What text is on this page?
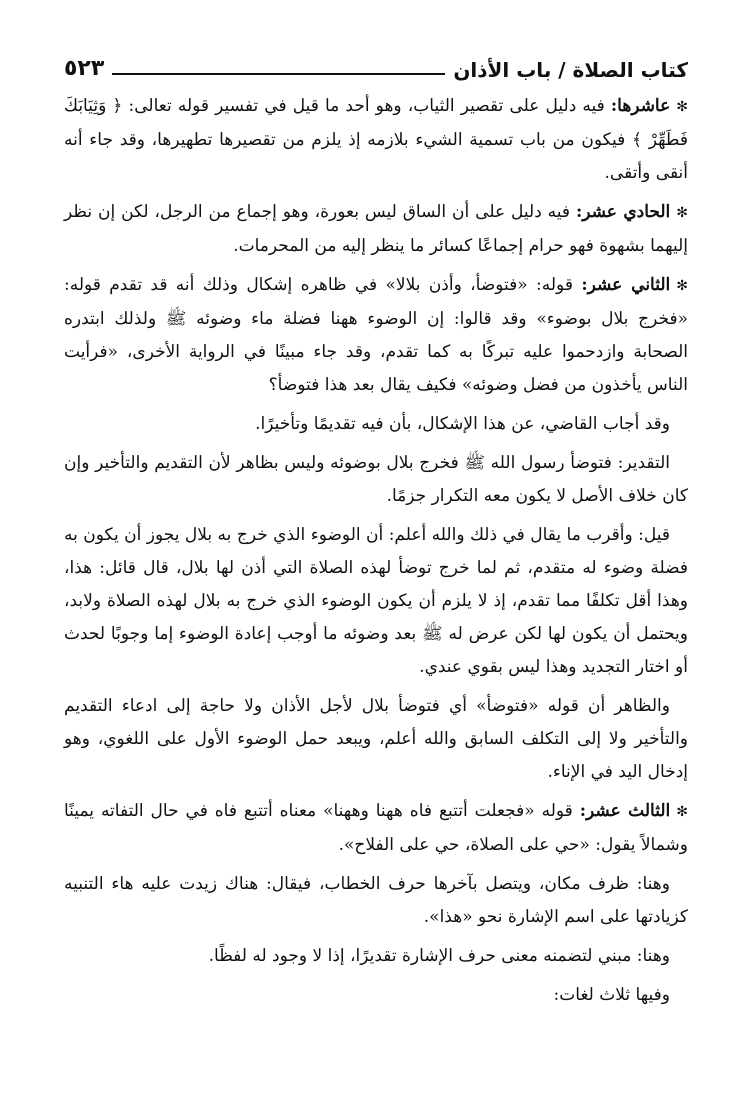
كتاب الصلاة / باب الأذان
٥٢٣

✻عاشرها: فيه دليل على تقصير الثياب، وهو أحد ما قيل في تفسير قوله تعالى: ﴿ وَثِيَابَكَ فَطَهِّرْ ﴾ فيكون من باب تسمية الشيء بلازمه إذ يلزم من تقصيرها تطهيرها، وقد جاء أنه أنقى وأتقى.

✻الحادي عشر: فيه دليل على أن الساق ليس بعورة، وهو إجماع من الرجل، لكن إن نظر إليهما بشهوة فهو حرام إجماعًا كسائر ما ينظر إليه من المحرمات.

✻الثاني عشر: قوله: «فتوضأ، وأذن بلالا» في ظاهره إشكال وذلك أنه قد تقدم قوله: «فخرج بلال بوضوء» وقد قالوا: إن الوضوء ههنا فضلة ماء وضوئه ﷺ ولذلك ابتدره الصحابة وازدحموا عليه تبركًا به كما تقدم، وقد جاء مبينًا في الرواية الأخرى، «فرأيت الناس يأخذون من فضل وضوئه» فكيف يقال بعد هذا فتوضأ؟

وقد أجاب القاضي، عن هذا الإشكال، بأن فيه تقديمًا وتأخيرًا.

التقدير: فتوضأ رسول الله ﷺ فخرج بلال بوضوئه وليس بظاهر لأن التقديم والتأخير وإن كان خلاف الأصل لا يكون معه التكرار جزمًا.

قيل: وأقرب ما يقال في ذلك والله أعلم: أن الوضوء الذي خرج به بلال يجوز أن يكون به فضلة وضوء له متقدم، ثم لما خرج توضأ لهذه الصلاة التي أذن لها بلال، قال قائل: هذا، وهذا أقل تكلفًا مما تقدم، إذ لا يلزم أن يكون الوضوء الذي خرج به بلال لهذه الصلاة ولابد، ويحتمل أن يكون لها لكن عرض له ﷺ بعد وضوئه ما أوجب إعادة الوضوء إما وجوبًا لحدث أو اختار التجديد وهذا ليس بقوي عندي.

والظاهر أن قوله «فتوضأ» أي فتوضأ بلال لأجل الأذان ولا حاجة إلى ادعاء التقديم والتأخير ولا إلى التكلف السابق والله أعلم، ويبعد حمل الوضوء الأول على اللغوي، وهو إدخال اليد في الإناء.

✻الثالث عشر: قوله «فجعلت أتتبع فاه ههنا وههنا» معناه أتتبع فاه في حال التفاته يمينًا وشمالاً يقول: «حي على الصلاة، حي على الفلاح».

وهنا: ظرف مكان، ويتصل بآخرها حرف الخطاب، فيقال: هناك زيدت عليه هاء التنبيه كزيادتها على اسم الإشارة نحو «هذا».

وهنا: مبني لتضمنه معنى حرف الإشارة تقديرًا، إذا لا وجود له لفظًا.

وفيها ثلاث لغات:
